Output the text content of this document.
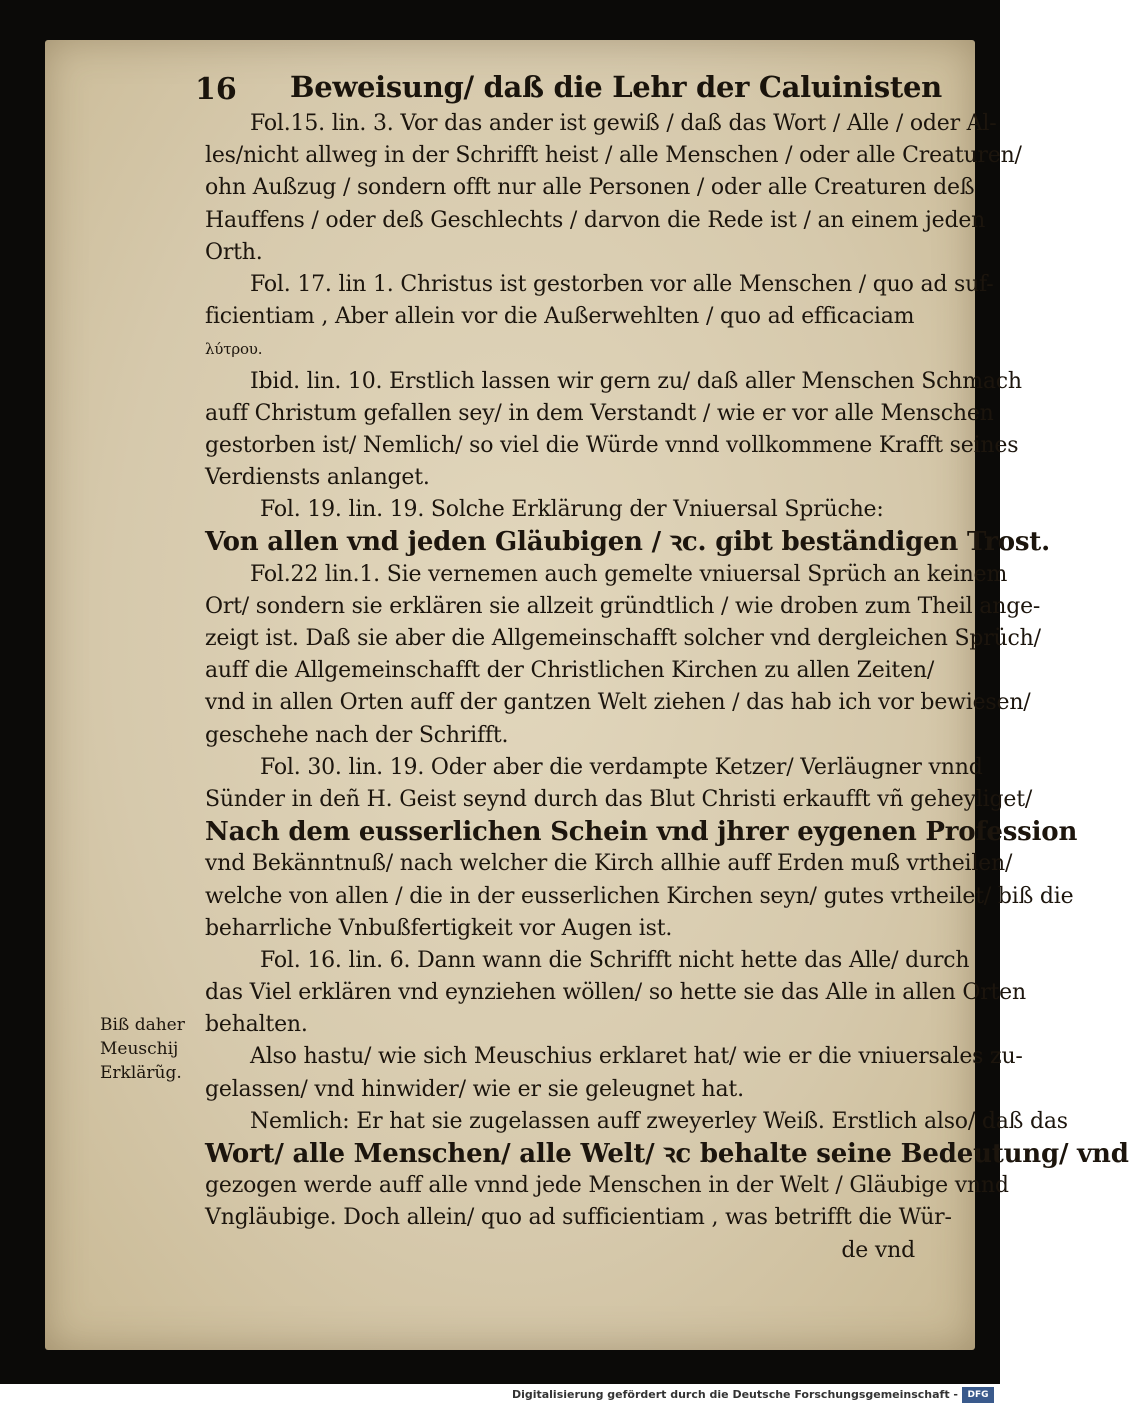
16 Beweisung/ daß die Lehr der Caluinisten
Fol.15. lin. 3. Vor das ander ist gewiß / daß das Wort / Alle / oder Al-
les/nicht allweg in der Schrifft heist / alle Menschen / oder alle Creaturen/
ohn Außzug / sondern offt nur alle Personen / oder alle Creaturen deß
Hauffens / oder deß Geschlechts / darvon die Rede ist / an einem jeden
Orth.
Fol. 17. lin 1. Christus ist gestorben vor alle Menschen / quo ad suf-
ficientiam , Aber allein vor die Außerwehlten / quo ad efficaciam
λύτρου.
Ibid. lin. 10. Erstlich lassen wir gern zu/ daß aller Menschen Schmach
auff Christum gefallen sey/ in dem Verstandt / wie er vor alle Menschen
gestorben ist/ Nemlich/ so viel die Würde vnnd vollkommene Krafft seines
Verdiensts anlanget.
Fol. 19. lin. 19. Solche Erklärung der Vniuersal Sprüche:
Von allen vnd jeden Gläubigen / ꝛc. gibt beständigen Trost.
Fol.22 lin.1. Sie vernemen auch gemelte vniuersal Sprüch an keinem
Ort/ sondern sie erklären sie allzeit gründtlich / wie droben zum Theil ange-
zeigt ist. Daß sie aber die Allgemeinschafft solcher vnd dergleichen Sprüch/
auff die Allgemeinschafft der Christlichen Kirchen zu allen Zeiten/
vnd in allen Orten auff der gantzen Welt ziehen / das hab ich vor bewiesen/
geschehe nach der Schrifft.
Fol. 30. lin. 19. Oder aber die verdampte Ketzer/ Verläugner vnnd
Sünder in deñ H. Geist seynd durch das Blut Christi erkaufft vñ geheyliget/
Nach dem eusserlichen Schein vnd jhrer eygenen Profession
vnd Bekänntnuß/ nach welcher die Kirch allhie auff Erden muß vrtheilen/
welche von allen / die in der eusserlichen Kirchen seyn/ gutes vrtheilet/ biß die
beharrliche Vnbußfertigkeit vor Augen ist.
Fol. 16. lin. 6. Dann wann die Schrifft nicht hette das Alle/ durch
das Viel erklären vnd eynziehen wöllen/ so hette sie das Alle in allen Orten
behalten.
Also hastu/ wie sich Meuschius erklaret hat/ wie er die vniuersales zu-
gelassen/ vnd hinwider/ wie er sie geleugnet hat.
Nemlich: Er hat sie zugelassen auff zweyerley Weiß. Erstlich also/ daß das
Wort/ alle Menschen/ alle Welt/ ꝛc behalte seine Bedeutung/ vnd
gezogen werde auff alle vnnd jede Menschen in der Welt / Gläubige vnnd
Vngläubige. Doch allein/ quo ad sufficientiam , was betrifft die Wür-
de vnd
Biß daher
Meuschij
Erklärũg.
Digitalisierung gefördert durch die Deutsche Forschungsgemeinschaft -	DFG
